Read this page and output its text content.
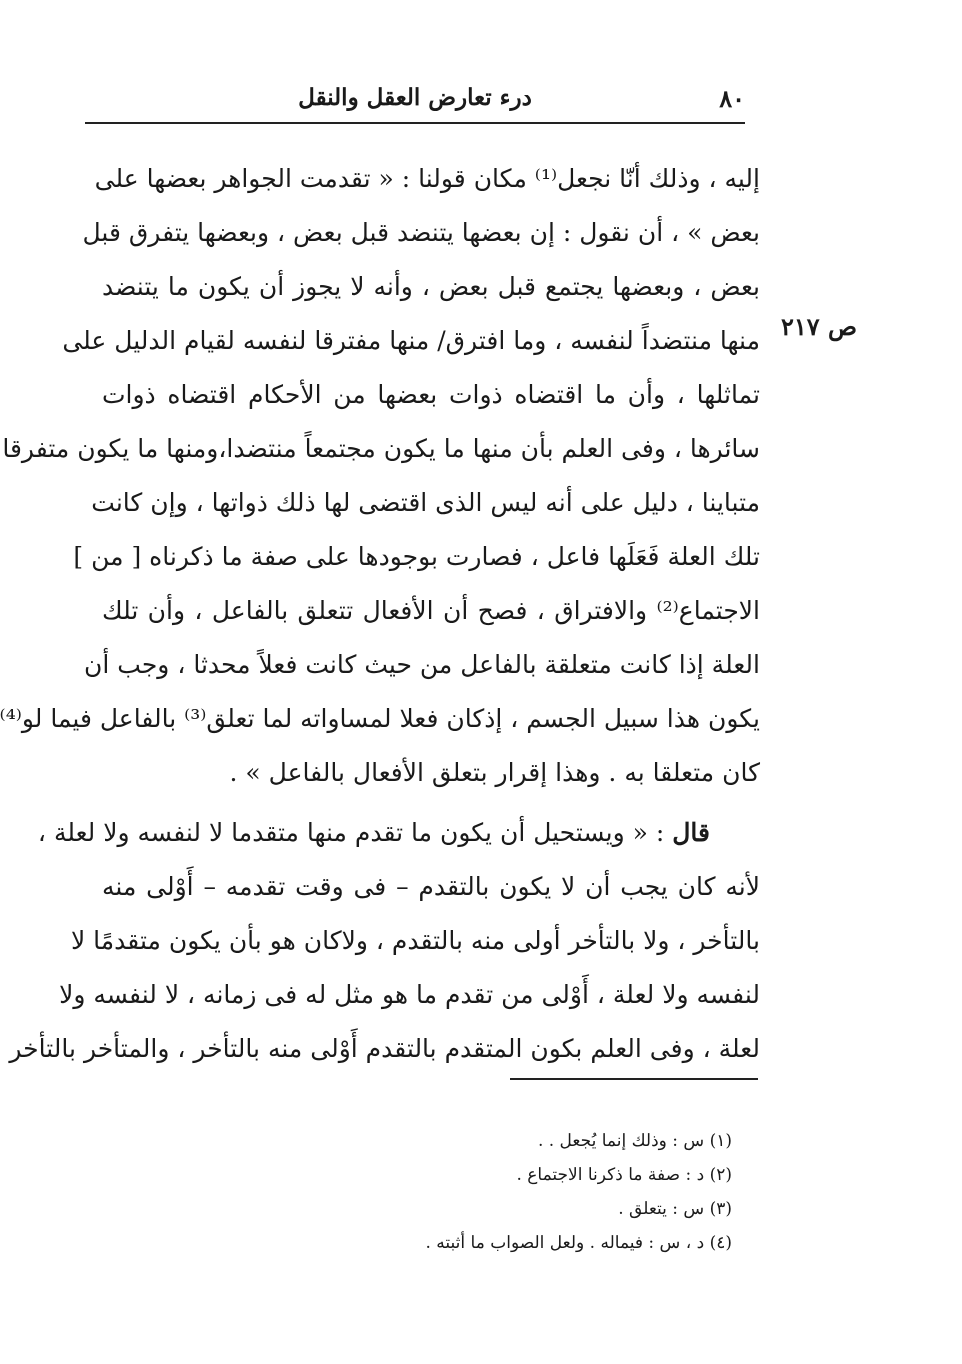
٨٠
درء تعارض العقل والنقل
ص ٢١٧
إليه ، وذلك أنّا نجعل⁽¹⁾ مكان قولنا : « تقدمت الجواهر بعضها على
بعض » ، أن نقول : إن بعضها يتنضد قبل بعض ، وبعضها يتفرق قبل
بعض ، وبعضها يجتمع قبل بعض ، وأنه لا يجوز أن يكون ما يتنضد
منها منتضداً لنفسه ، وما افترق/ منها مفترقا لنفسه لقيام الدليل على
تماثلها ، وأن ما اقتضاه ذوات بعضها من الأحكام اقتضاه ذوات
سائرها ، وفى العلم بأن منها ما يكون مجتمعاً منتضدا،ومنها ما يكون متفرقا
متباينا ، دليل على أنه ليس الذى اقتضى لها ذلك ذواتها ، وإن كانت
تلك العلة فَعَلَها فاعل ، فصارت بوجودها على صفة ما ذكرناه [ من ]
الاجتماع⁽²⁾ والافتراق ، فصح أن الأفعال تتعلق بالفاعل ، وأن تلك
العلة إذا كانت متعلقة بالفاعل من حيث كانت فعلاً محدثا ، وجب أن
يكون هذا سبيل الجسم ، إذكان فعلا لمساواته لما تعلق⁽³⁾ بالفاعل فيما لو⁽⁴⁾
كان متعلقا به . وهذا إقرار بتعلق الأفعال بالفاعل » .
  قال : « ويستحيل أن يكون ما تقدم منها متقدما لا لنفسه ولا لعلة ،
لأنه كان يجب أن لا يكون بالتقدم – فى وقت تقدمه – أَوْلى منه
بالتأخر ، ولا بالتأخر أولى منه بالتقدم ، ولاكان هو بأن يكون متقدمًا لا
لنفسه ولا لعلة ، أَوْلى من تقدم ما هو مثل له فى زمانه ، لا لنفسه ولا
لعلة ، وفى العلم بكون المتقدم بالتقدم أَوْلى منه بالتأخر ، والمتأخر بالتأخر
(١) س : وذلك إنما يُجعل . .
(٢) د : صفة ما ذكرنا الاجتماع .
(٣) س : يتعلق .
(٤) د ، س : فيماله . ولعل الصواب ما أثبته .
